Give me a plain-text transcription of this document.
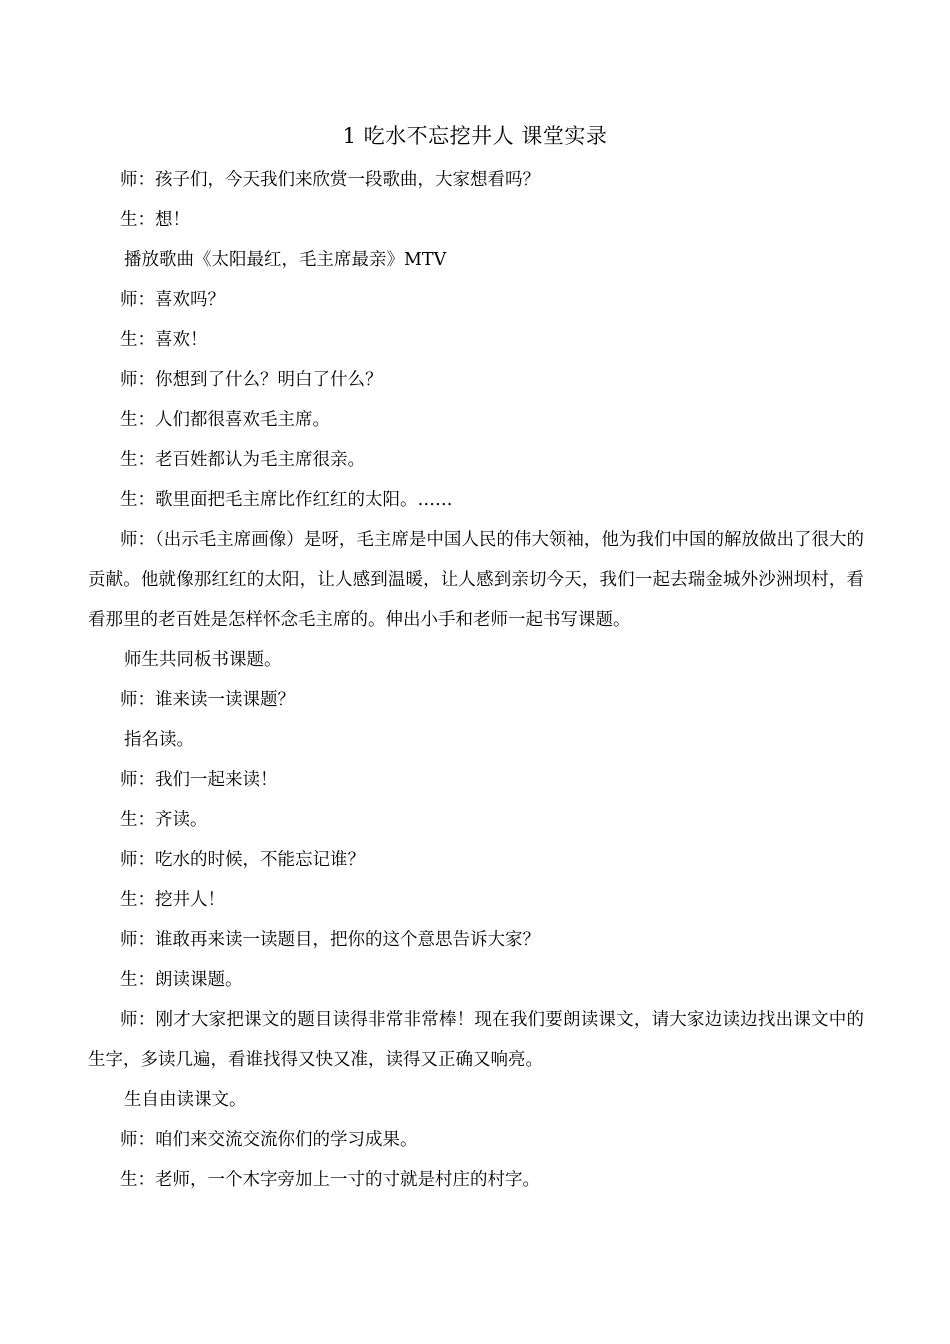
1 吃水不忘挖井人 课堂实录

师：孩子们，今天我们来欣赏一段歌曲，大家想看吗？

生：想！

播放歌曲《太阳最红，毛主席最亲》MTV

师：喜欢吗？

生：喜欢！

师：你想到了什么？明白了什么？

生：人们都很喜欢毛主席。

生：老百姓都认为毛主席很亲。

生：歌里面把毛主席比作红红的太阳。……

师：（出示毛主席画像）是呀，毛主席是中国人民的伟大领袖，他为我们中国的解放做出了很大的贡献。他就像那红红的太阳，让人感到温暖，让人感到亲切今天，我们一起去瑞金城外沙洲坝村，看看那里的老百姓是怎样怀念毛主席的。伸出小手和老师一起书写课题。

师生共同板书课题。

师：谁来读一读课题？

指名读。

师：我们一起来读！

生：齐读。

师：吃水的时候，不能忘记谁？

生：挖井人！

师：谁敢再来读一读题目，把你的这个意思告诉大家？

生：朗读课题。

师：刚才大家把课文的题目读得非常非常棒！现在我们要朗读课文，请大家边读边找出课文中的生字，多读几遍，看谁找得又快又准，读得又正确又响亮。

生自由读课文。

师：咱们来交流交流你们的学习成果。

生：老师，一个木字旁加上一寸的寸就是村庄的村字。
